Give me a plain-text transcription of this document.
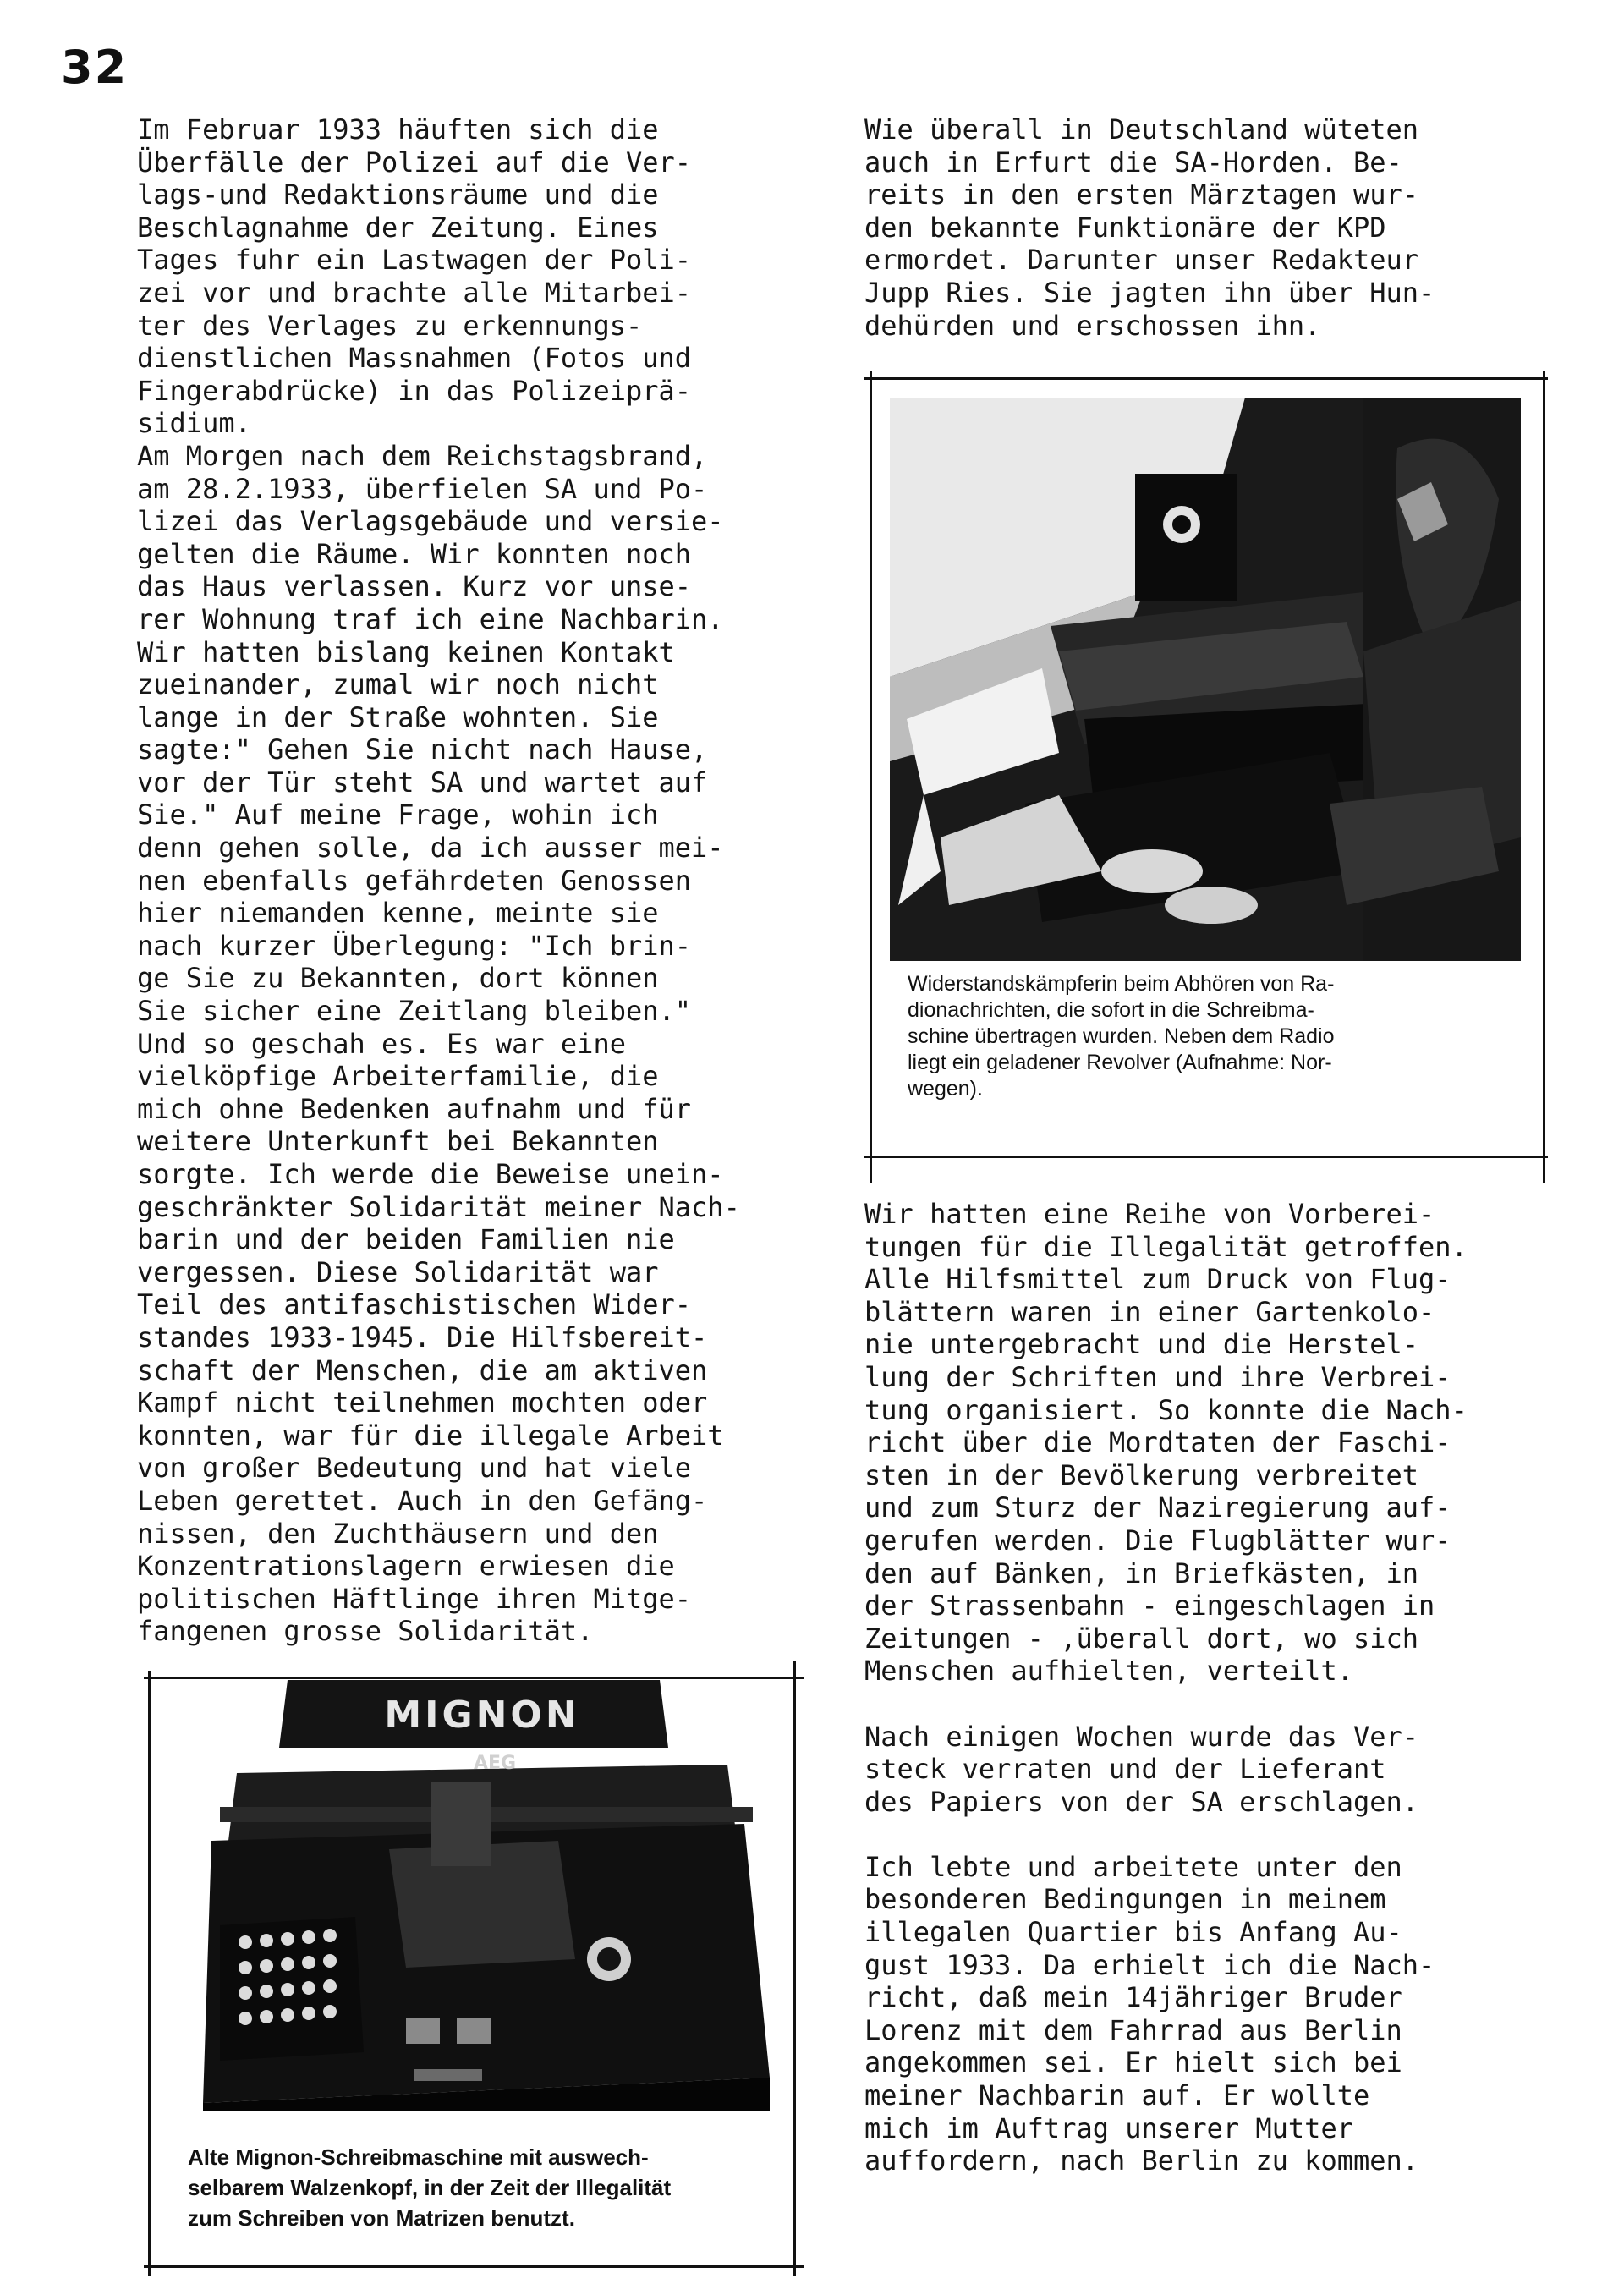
32
Im Februar 1933 häuften sich die
Überfälle der Polizei auf die Ver-
lags-und Redaktionsräume und die
Beschlagnahme der Zeitung. Eines
Tages fuhr ein Lastwagen der Poli-
zei vor und brachte alle Mitarbei-
ter des Verlages zu erkennungs-
dienstlichen Massnahmen (Fotos und
Fingerabdrücke) in das Polizeiprä-
sidium.
Am Morgen nach dem Reichstagsbrand,
am 28.2.1933, überfielen SA und Po-
lizei das Verlagsgebäude und versie-
gelten die Räume. Wir konnten noch
das Haus verlassen. Kurz vor unse-
rer Wohnung traf ich eine Nachbarin.
Wir hatten bislang keinen Kontakt
zueinander, zumal wir noch nicht
lange in der Straße wohnten. Sie
sagte:" Gehen Sie nicht nach Hause,
vor der Tür steht SA und wartet auf
Sie." Auf meine Frage, wohin ich
denn gehen solle, da ich ausser mei-
nen ebenfalls gefährdeten Genossen
hier niemanden kenne, meinte sie
nach kurzer Überlegung: "Ich brin-
ge Sie zu Bekannten, dort können
Sie sicher eine Zeitlang bleiben."
Und so geschah es. Es war eine
vielköpfige Arbeiterfamilie, die
mich ohne Bedenken aufnahm und für
weitere Unterkunft bei Bekannten
sorgte. Ich werde die Beweise unein-
geschränkter Solidarität meiner Nach-
barin und der beiden Familien nie
vergessen. Diese Solidarität war
Teil des antifaschistischen Wider-
standes 1933-1945. Die Hilfsbereit-
schaft der Menschen, die am aktiven
Kampf nicht teilnehmen mochten oder
konnten, war für die illegale Arbeit
von großer Bedeutung und hat viele
Leben gerettet. Auch in den Gefäng-
nissen, den Zuchthäusern und den
Konzentrationslagern erwiesen die
politischen Häftlinge ihren Mitge-
fangenen grosse Solidarität.
Wie überall in Deutschland wüteten
auch in Erfurt die SA-Horden. Be-
reits in den ersten Märztagen wur-
den bekannte Funktionäre der KPD
ermordet. Darunter unser Redakteur
Jupp Ries. Sie jagten ihn über Hun-
dehürden und erschossen ihn.
Wir hatten eine Reihe von Vorberei-
tungen für die Illegalität getroffen.
Alle Hilfsmittel zum Druck von Flug-
blättern waren in einer Gartenkolo-
nie untergebracht und die Herstel-
lung der Schriften und ihre Verbrei-
tung organisiert. So konnte die Nach-
richt über die Mordtaten der Faschi-
sten in der Bevölkerung verbreitet
und zum Sturz der Naziregierung auf-
gerufen werden. Die Flugblätter wur-
den auf Bänken, in Briefkästen, in
der Strassenbahn - eingeschlagen in
Zeitungen - ,überall dort, wo sich
Menschen aufhielten, verteilt.
Nach einigen Wochen wurde das Ver-
steck verraten und der Lieferant
des Papiers von der SA erschlagen.
Ich lebte und arbeitete unter den
besonderen Bedingungen in meinem
illegalen Quartier bis Anfang Au-
gust 1933. Da erhielt ich die Nach-
richt, daß mein 14jähriger Bruder
Lorenz mit dem Fahrrad aus Berlin
angekommen sei. Er hielt sich bei
meiner Nachbarin auf. Er wollte
mich im Auftrag unserer Mutter
auffordern, nach Berlin zu kommen.
Widerstandskämpferin beim Abhören von Ra-
dionachrichten, die sofort in die Schreibma-
schine übertragen wurden. Neben dem Radio
liegt ein geladener Revolver (Aufnahme: Nor-
wegen).
MIGNON
AEG
Alte Mignon-Schreibmaschine mit auswech-
selbarem Walzenkopf, in der Zeit der Illegalität
zum Schreiben von Matrizen benutzt.
